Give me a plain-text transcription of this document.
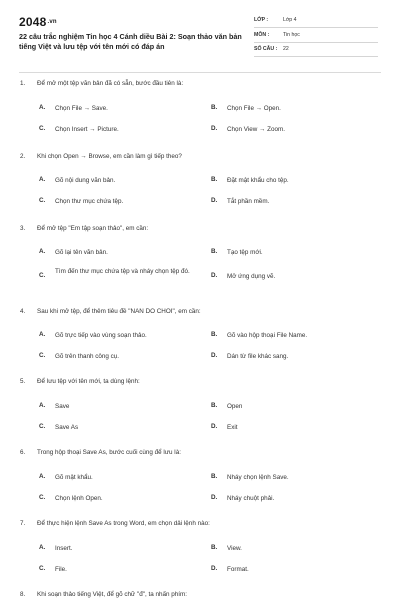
$2048^{.vn}$
22 câu trắc nghiệm Tin học 4 Cánh diều Bài 2: Soạn thảo văn bản tiếng Việt và lưu tệp với tên mới có đáp án
LỚP :	Lớp 4
MÔN :	Tin học
SỐ CÂU : 22
1. Để mở một tệp văn bản đã có sẵn, bước đầu tiên là:
A. Chọn File → Save.	B. Chọn File → Open.
C. Chọn Insert → Picture.	D. Chọn View → Zoom.
2. Khi chọn Open → Browse, em cần làm gì tiếp theo?
A. Gõ nội dung văn bản.	B. Đặt mật khẩu cho tệp.
C. Chọn thư mục chứa tệp.	D. Tắt phần mềm.
3. Để mở tệp "Em tập soạn thảo", em cần:
A. Gõ lại tên văn bản.	B. Tạo tệp mới.
C.
Tìm đến thư mục chứa tệp và nháy chọn tệp đó.
D. Mở ứng dụng vẽ.
4. Sau khi mở tệp, để thêm tiêu đề "NAN DO CHOI", em cần:
A. Gõ trực tiếp vào vùng soạn thảo.	B. Gõ vào hộp thoại File Name.
C. Gõ trên thanh công cụ.	D. Dán từ file khác sang.
5. Để lưu tệp với tên mới, ta dùng lệnh:
A. Save	B. Open
C. Save As	D. Exit
6. Trong hộp thoại Save As, bước cuối cùng để lưu là:
A. Gõ mật khẩu.	B. Nháy chọn lệnh Save.
C. Chọn lệnh Open.	D. Nháy chuột phải.
7. Để thực hiện lệnh Save As trong Word, em chọn dải lệnh nào:
A. Insert.	B. View.
C. File.	D. Format.
8. Khi soạn thảo tiếng Việt, để gõ chữ "đ", ta nhấn phím:
